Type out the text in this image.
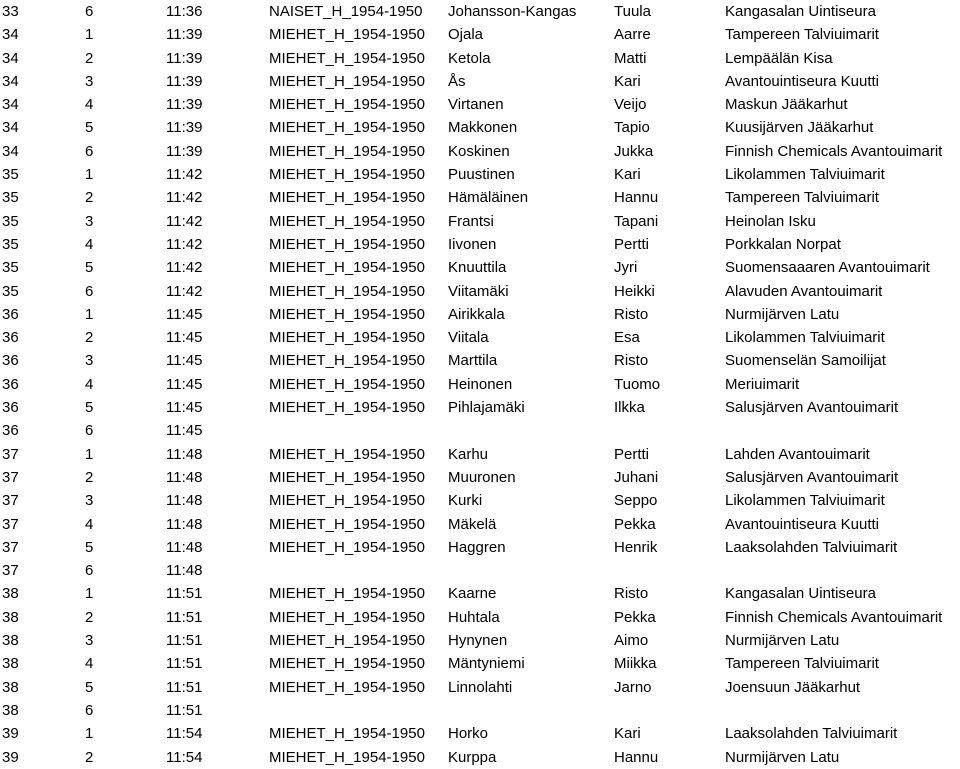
33	6	11:36	NAISET_H_1954-1950	Johansson-Kangas	Tuula	Kangasalan Uintiseura
34	1	11:39	MIEHET_H_1954-1950	Ojala	Aarre	Tampereen Talviuimarit
34	2	11:39	MIEHET_H_1954-1950	Ketola	Matti	Lempäälän Kisa
34	3	11:39	MIEHET_H_1954-1950	Ås	Kari	Avantouintiseura Kuutti
34	4	11:39	MIEHET_H_1954-1950	Virtanen	Veijo	Maskun Jääkarhut
34	5	11:39	MIEHET_H_1954-1950	Makkonen	Tapio	Kuusijärven Jääkarhut
34	6	11:39	MIEHET_H_1954-1950	Koskinen	Jukka	Finnish Chemicals Avantouimarit
35	1	11:42	MIEHET_H_1954-1950	Puustinen	Kari	Likolammen Talviuimarit
35	2	11:42	MIEHET_H_1954-1950	Hämäläinen	Hannu	Tampereen Talviuimarit
35	3	11:42	MIEHET_H_1954-1950	Frantsi	Tapani	Heinolan Isku
35	4	11:42	MIEHET_H_1954-1950	Iivonen	Pertti	Porkkalan Norpat
35	5	11:42	MIEHET_H_1954-1950	Knuuttila	Jyri	Suomensaaaren Avantouimarit
35	6	11:42	MIEHET_H_1954-1950	Viitamäki	Heikki	Alavuden Avantouimarit
36	1	11:45	MIEHET_H_1954-1950	Airikkala	Risto	Nurmijärven Latu
36	2	11:45	MIEHET_H_1954-1950	Viitala	Esa	Likolammen Talviuimarit
36	3	11:45	MIEHET_H_1954-1950	Marttila	Risto	Suomenselän Samoilijat
36	4	11:45	MIEHET_H_1954-1950	Heinonen	Tuomo	Meriuimarit
36	5	11:45	MIEHET_H_1954-1950	Pihlajamäki	Ilkka	Salusjärven Avantouimarit
36	6	11:45				
37	1	11:48	MIEHET_H_1954-1950	Karhu	Pertti	Lahden Avantouimarit
37	2	11:48	MIEHET_H_1954-1950	Muuronen	Juhani	Salusjärven Avantouimarit
37	3	11:48	MIEHET_H_1954-1950	Kurki	Seppo	Likolammen Talviuimarit
37	4	11:48	MIEHET_H_1954-1950	Mäkelä	Pekka	Avantouintiseura Kuutti
37	5	11:48	MIEHET_H_1954-1950	Haggren	Henrik	Laaksolahden Talviuimarit
37	6	11:48				
38	1	11:51	MIEHET_H_1954-1950	Kaarne	Risto	Kangasalan Uintiseura
38	2	11:51	MIEHET_H_1954-1950	Huhtala	Pekka	Finnish Chemicals Avantouimarit
38	3	11:51	MIEHET_H_1954-1950	Hynynen	Aimo	Nurmijärven Latu
38	4	11:51	MIEHET_H_1954-1950	Mäntyniemi	Miikka	Tampereen Talviuimarit
38	5	11:51	MIEHET_H_1954-1950	Linnolahti	Jarno	Joensuun Jääkarhut
38	6	11:51				
39	1	11:54	MIEHET_H_1954-1950	Horko	Kari	Laaksolahden Talviuimarit
39	2	11:54	MIEHET_H_1954-1950	Kurppa	Hannu	Nurmijärven Latu
